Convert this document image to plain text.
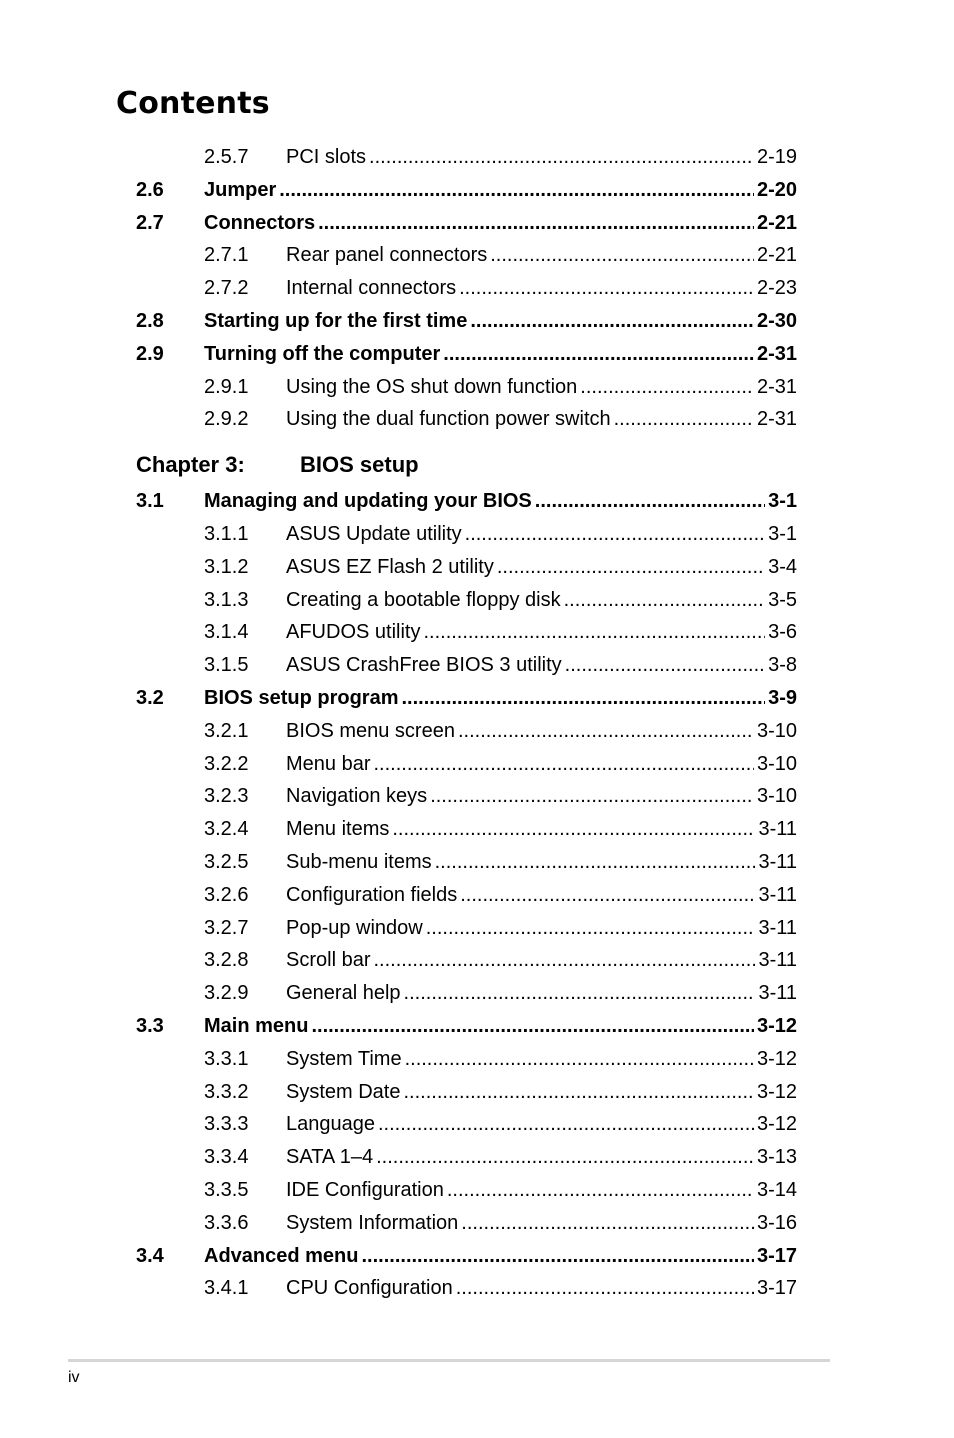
Contents
2.5.7 PCI slots .....	2-19
2.6 Jumper .....	2-20
2.7 Connectors .....	2-21
2.7.1 Rear panel connectors .....	2-21
2.7.2 Internal connectors .....	2-23
2.8 Starting up for the first time .....	2-30
2.9 Turning off the computer .....	2-31
2.9.1 Using the OS shut down function .....	2-31
2.9.2 Using the dual function power switch .....	2-31
Chapter 3:	BIOS setup
3.1 Managing and updating your BIOS .....	3-1
3.1.1 ASUS Update utility .....	3-1
3.1.2 ASUS EZ Flash 2 utility .....	3-4
3.1.3 Creating a bootable floppy disk .....	3-5
3.1.4 AFUDOS utility .....	3-6
3.1.5 ASUS CrashFree BIOS 3 utility .....	3-8
3.2 BIOS setup program .....	3-9
3.2.1 BIOS menu screen .....	3-10
3.2.2 Menu bar .....	3-10
3.2.3 Navigation keys .....	3-10
3.2.4 Menu items .....	3-11
3.2.5 Sub-menu items .....	3-11
3.2.6 Configuration fields .....	3-11
3.2.7 Pop-up window .....	3-11
3.2.8 Scroll bar .....	3-11
3.2.9 General help .....	3-11
3.3 Main menu .....	3-12
3.3.1 System Time .....	3-12
3.3.2 System Date .....	3-12
3.3.3 Language .....	3-12
3.3.4 SATA 1–4 .....	3-13
3.3.5 IDE Configuration .....	3-14
3.3.6 System Information .....	3-16
3.4 Advanced menu .....	3-17
3.4.1 CPU Configuration .....	3-17
iv
